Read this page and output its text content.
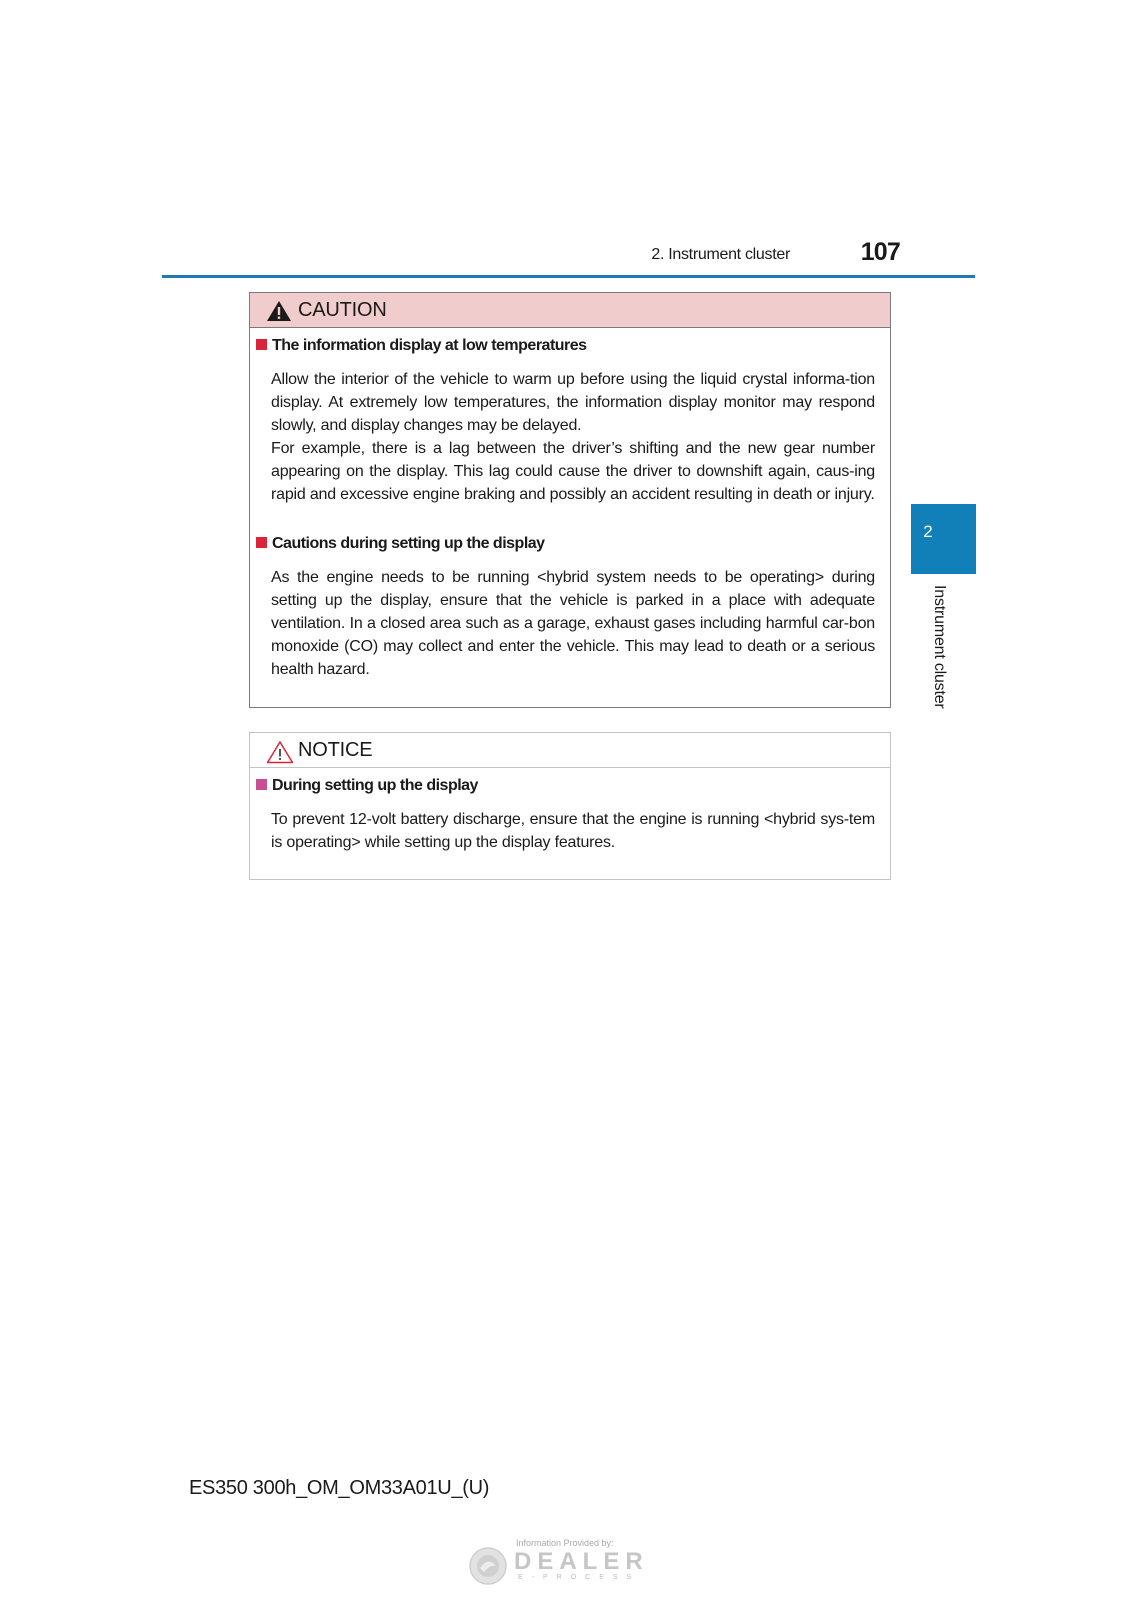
2. Instrument cluster	107
2
Instrument cluster
CAUTION
The information display at low temperatures
Allow the interior of the vehicle to warm up before using the liquid crystal informa-tion display. At extremely low temperatures, the information display monitor may respond slowly, and display changes may be delayed.
For example, there is a lag between the driver’s shifting and the new gear number appearing on the display. This lag could cause the driver to downshift again, caus-ing rapid and excessive engine braking and possibly an accident resulting in death or injury.
Cautions during setting up the display
As the engine needs to be running <hybrid system needs to be operating> during setting up the display, ensure that the vehicle is parked in a place with adequate ventilation. In a closed area such as a garage, exhaust gases including harmful car-bon monoxide (CO) may collect and enter the vehicle. This may lead to death or a serious health hazard.
NOTICE
During setting up the display
To prevent 12-volt battery discharge, ensure that the engine is running <hybrid sys-tem is operating> while setting up the display features.
ES350 300h_OM_OM33A01U_(U)
Information Provided by:
DEALER
E-PROCESS
